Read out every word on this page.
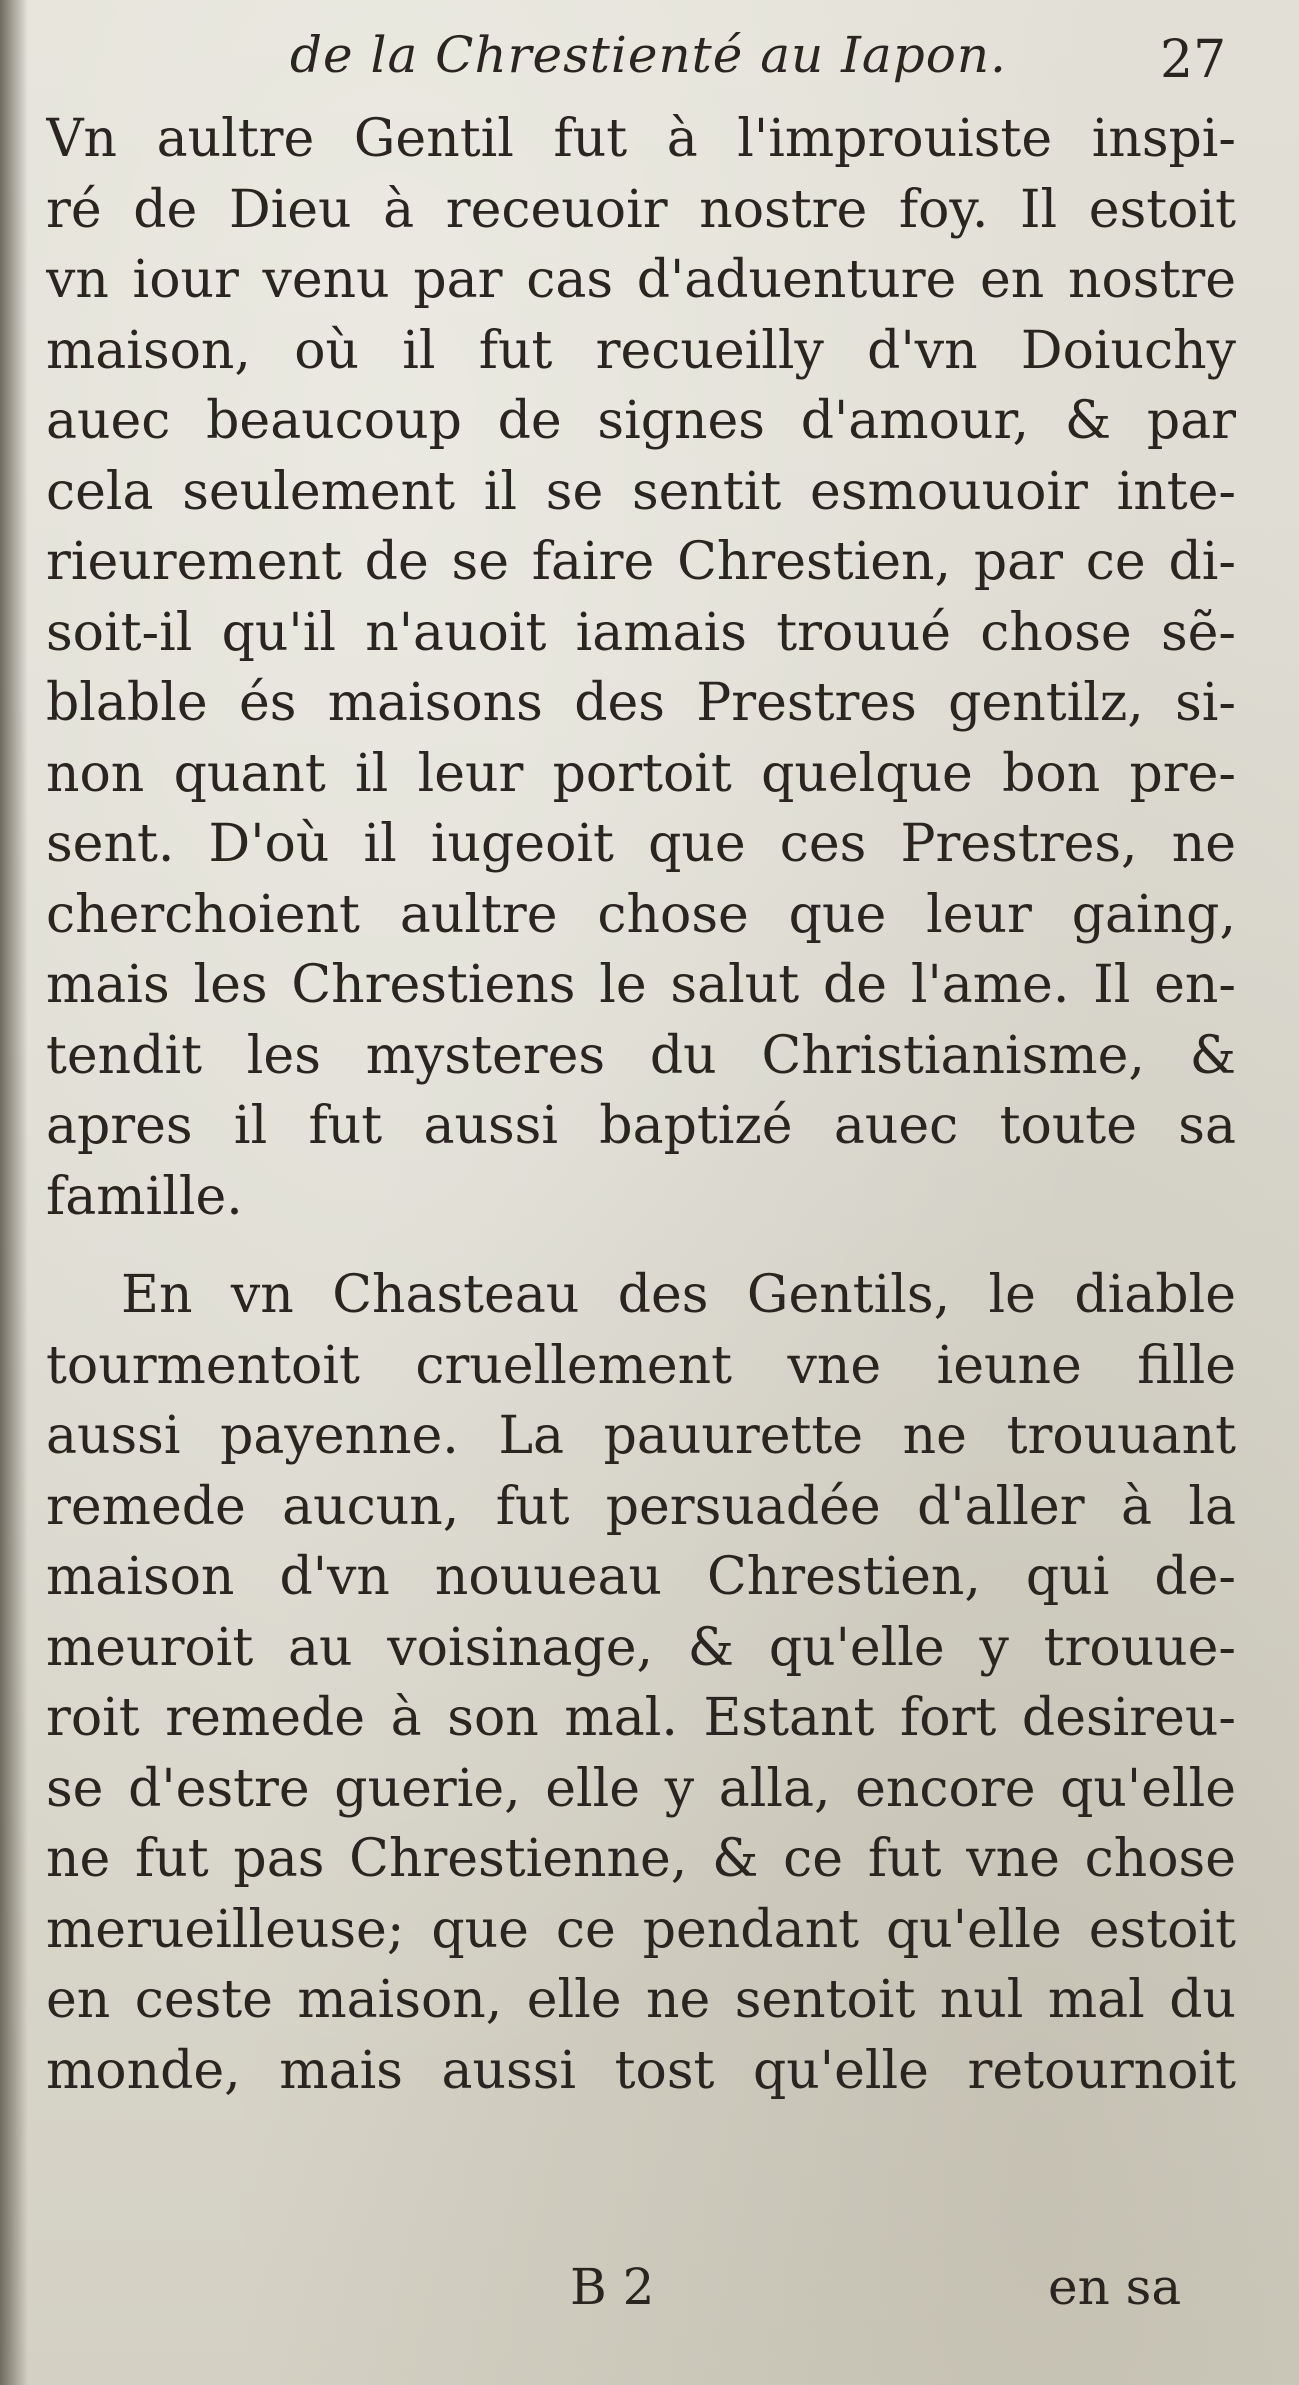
de la Chrestienté au Iapon.	27
Vn aultre Gentil fut à l'improuiste inspi-
ré de Dieu à receuoir nostre foy. Il estoit
vn iour venu par cas d'aduenture en nostre
maison, où il fut recueilly d'vn Doiuchy
auec beaucoup de signes d'amour, & par
cela seulement il se sentit esmouuoir inte-
rieurement de se faire Chrestien, par ce di-
soit-il qu'il n'auoit iamais trouué chose sẽ-
blable és maisons des Prestres gentilz, si-
non quant il leur portoit quelque bon pre-
sent. D'où il iugeoit que ces Prestres, ne
cherchoient aultre chose que leur gaing,
mais les Chrestiens le salut de l'ame. Il en-
tendit les mysteres du Christianisme, &
apres il fut aussi baptizé auec toute sa
famille.
En vn Chasteau des Gentils, le diable
tourmentoit cruellement vne ieune fille
aussi payenne. La pauurette ne trouuant
remede aucun, fut persuadée d'aller à la
maison d'vn nouueau Chrestien, qui de-
meuroit au voisinage, & qu'elle y trouue-
roit remede à son mal. Estant fort desireu-
se d'estre guerie, elle y alla, encore qu'elle
ne fut pas Chrestienne, & ce fut vne chose
merueilleuse; que ce pendant qu'elle estoit
en ceste maison, elle ne sentoit nul mal du
monde, mais aussi tost qu'elle retournoit
B 2	en sa
